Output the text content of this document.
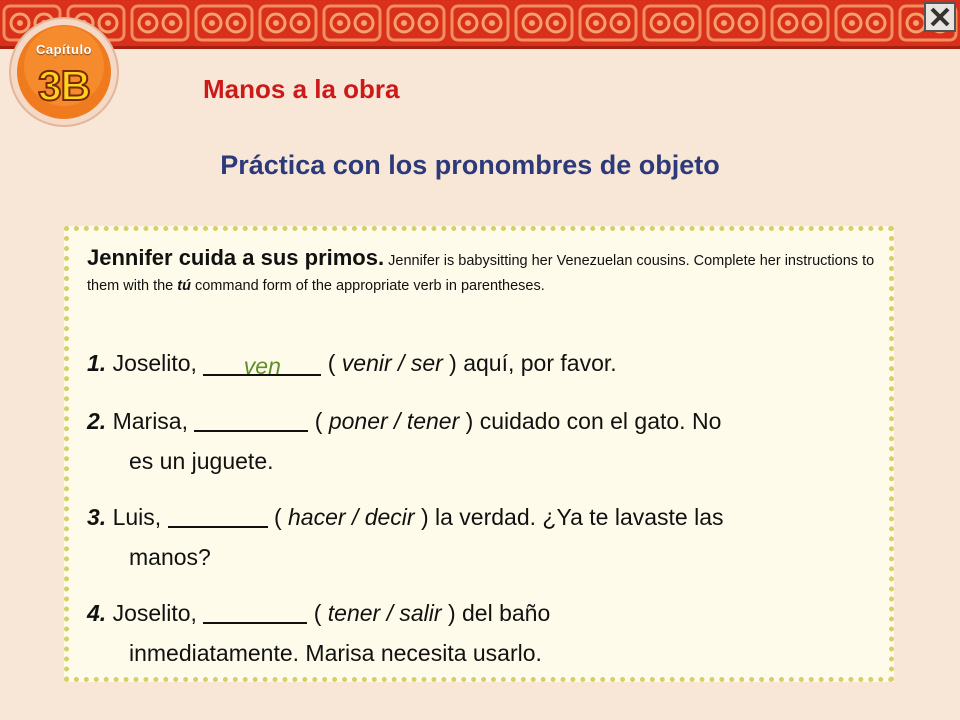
Capítulo
3B	Manos a la obra
Práctica con los pronombres de objeto
Jennifer cuida a sus primos. Jennifer is babysitting her Venezuelan cousins. Complete her instructions to them with the tú command form of the appropriate verb in parentheses.
1. Joselito, ven ( venir / ser ) aquí, por favor.
2. Marisa,	( poner / tener ) cuidado con el gato. No
es un juguete.
3. Luis,	( hacer / decir ) la verdad. ¿Ya te lavaste las
manos?
4. Joselito,	( tener / salir ) del baño
inmediatamente. Marisa necesita usarlo.
